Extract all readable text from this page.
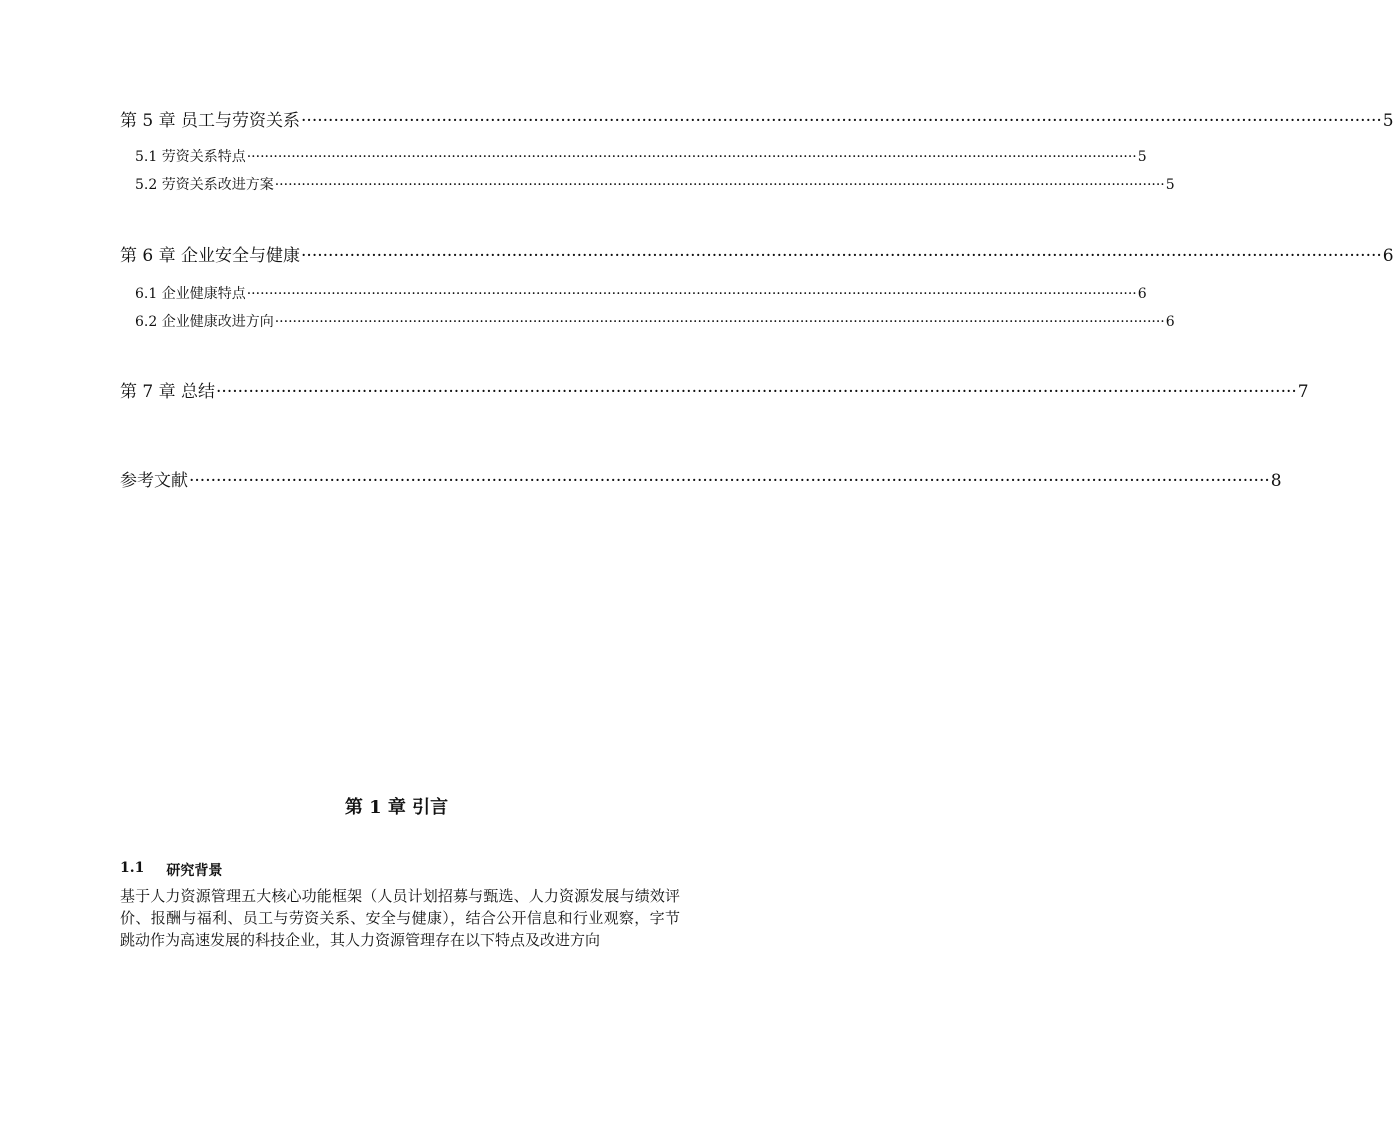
第 5 章 员工与劳资关系 ········································································································································································································ 5
5.1 劳资关系特点 ········································································································································································································ 5
5.2 劳资关系改进方案 ········································································································································································································ 5
第 6 章 企业安全与健康 ········································································································································································································ 6
6.1 企业健康特点 ········································································································································································································ 6
6.2 企业健康改进方向 ········································································································································································································ 6
第 7 章 总结 ········································································································································································································ 7
参考文献 ········································································································································································································ 8
第 1 章 引言
1.1 研究背景
基于人力资源管理五大核心功能框架（人员计划招募与甄选、人力资源发展与绩效评价、报酬与福利、员工与劳资关系、安全与健康），结合公开信息和行业观察，字节跳动作为高速发展的科技企业，其人力资源管理存在以下特点及改进方向
